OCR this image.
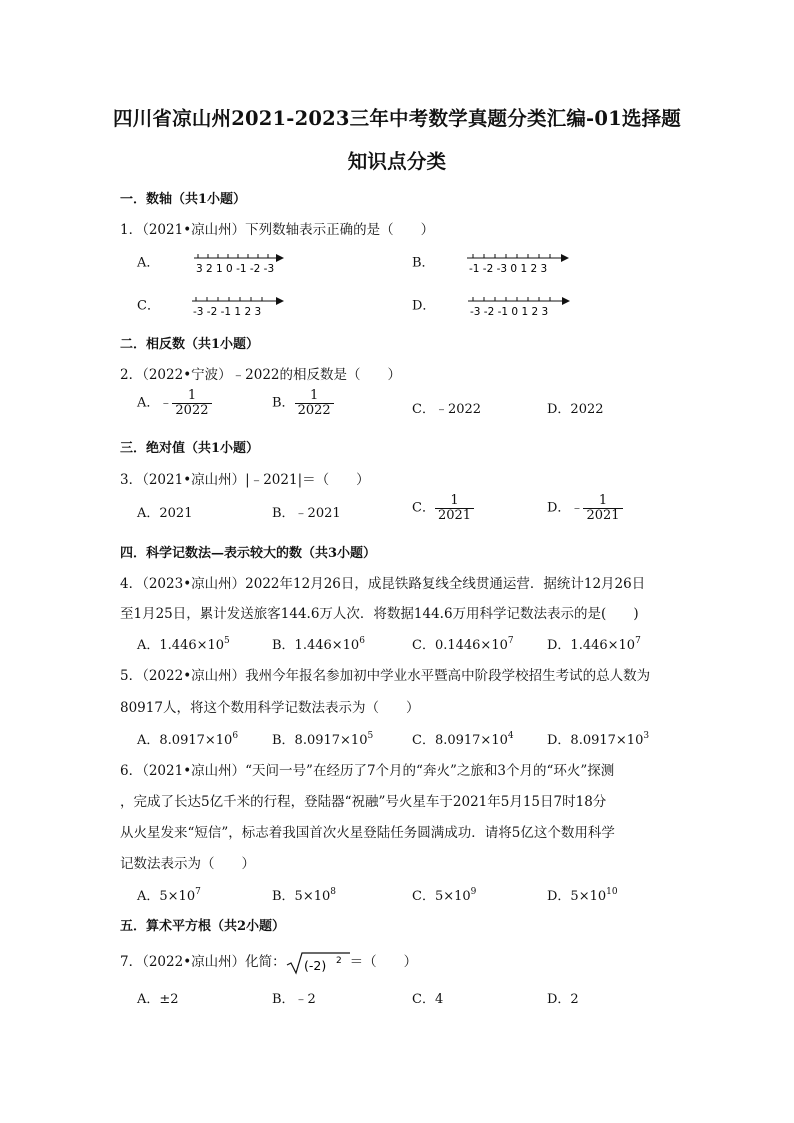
四川省凉山州2021-2023三年中考数学真题分类汇编-01选择题
知识点分类
一．数轴（共1小题）
1．（2021•凉山州）下列数轴表示正确的是（　　）
A．	3 2 1 0 -1 -2 -3	B．	-1 -2 -3 0 1 2 3
C．	-3 -2 -1 1 2 3	D．	-3 -2 -1 0 1 2 3
二．相反数（共1小题）
2．（2022•宁波）﹣2022的相反数是（　　）
A．﹣ $\frac{1}{2022}$	B． $\frac{1}{2022}$	C．﹣2022	D．2022
三．绝对值（共1小题）
3．（2021•凉山州）|﹣2021|＝（　　）
A．2021	B．﹣2021	C． $\frac{1}{2021}$	D．﹣ $\frac{1}{2021}$
四．科学记数法—表示较大的数（共3小题）
4．（2023•凉山州）2022年12月26日，成昆铁路复线全线贯通运营．据统计12月26日
至1月25日，累计发送旅客144.6万人次．将数据144.6万用科学记数法表示的是(　　)
A．$1.446\times 10^5$	B．$1.446\times 10^6$	C．$0.1446\times 10^7$	D．$1.446\times 10^7$
5．（2022•凉山州）我州今年报名参加初中学业水平暨高中阶段学校招生考试的总人数为
80917人，将这个数用科学记数法表示为（　　）
A．$8.0917\times 10^6$	B．$8.0917\times 10^5$	C．$8.0917\times 10^4$	D．$8.0917\times 10^3$
6．（2021•凉山州）“天问一号”在经历了7个月的“奔火”之旅和3个月的“环火”探测
，完成了长达5亿千米的行程，登陆器“祝融”号火星车于2021年5月15日7时18分
从火星发来“短信”，标志着我国首次火星登陆任务圆满成功．请将5亿这个数用科学
记数法表示为（　　）
A．$5\times 10^7$	B．$5\times 10^8$	C．$5\times 10^9$	D．$5\times 10^{10}$
五．算术平方根（共2小题）
7．（2022•凉山州）化简： (-2) 2 ＝（　　）
A．±2	B．﹣2	C．4	D．2
